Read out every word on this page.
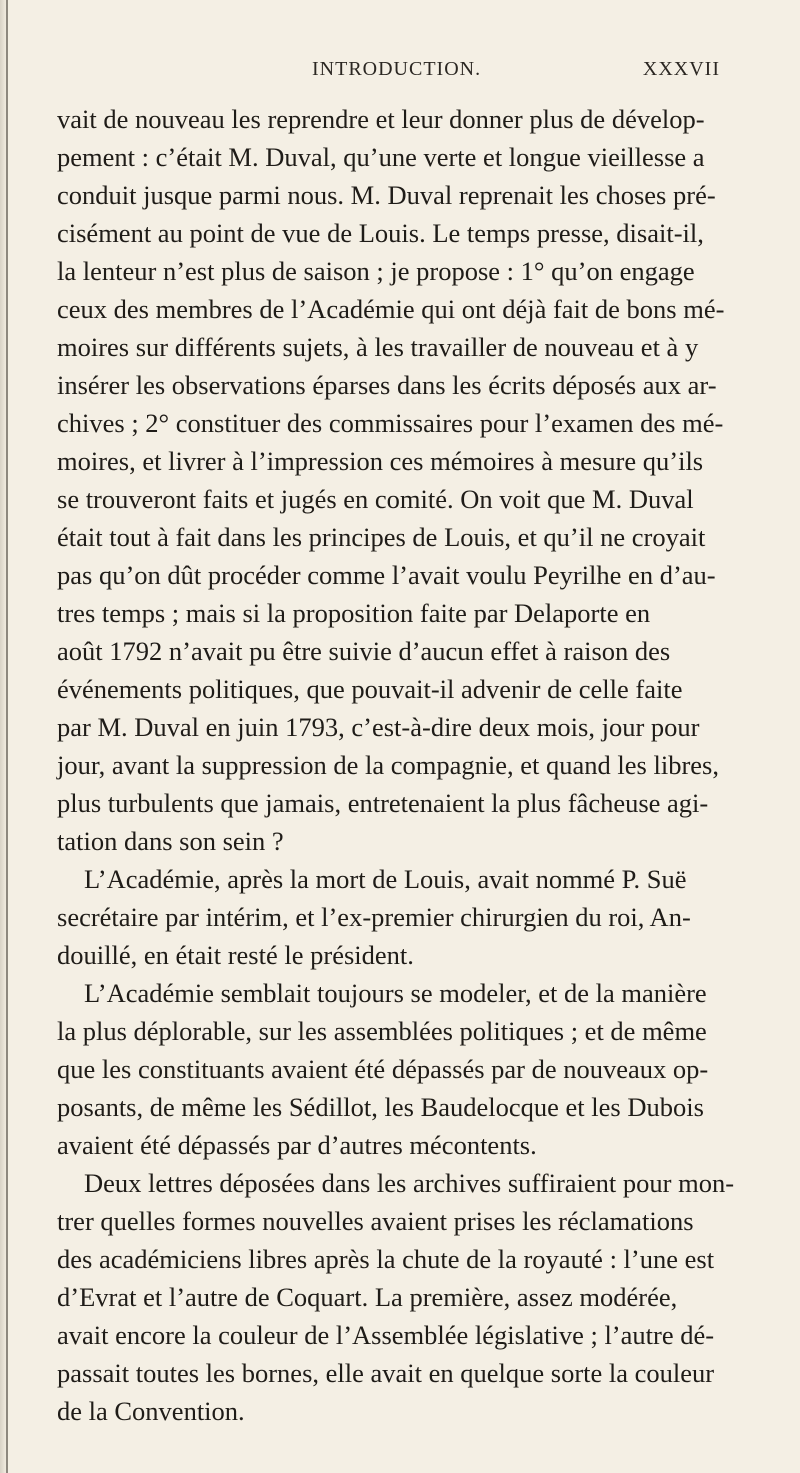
INTRODUCTION.	XXXVII
vait de nouveau les reprendre et leur donner plus de dévelop-
pement : c’était M. Duval, qu’une verte et longue vieillesse a
conduit jusque parmi nous. M. Duval reprenait les choses pré-
cisément au point de vue de Louis. Le temps presse, disait-il,
la lenteur n’est plus de saison ; je propose : 1° qu’on engage
ceux des membres de l’Académie qui ont déjà fait de bons mé-
moires sur différents sujets, à les travailler de nouveau et à y
insérer les observations éparses dans les écrits déposés aux ar-
chives ; 2° constituer des commissaires pour l’examen des mé-
moires, et livrer à l’impression ces mémoires à mesure qu’ils
se trouveront faits et jugés en comité. On voit que M. Duval
était tout à fait dans les principes de Louis, et qu’il ne croyait
pas qu’on dût procéder comme l’avait voulu Peyrilhe en d’au-
tres temps ; mais si la proposition faite par Delaporte en
août 1792 n’avait pu être suivie d’aucun effet à raison des
événements politiques, que pouvait-il advenir de celle faite
par M. Duval en juin 1793, c’est-à-dire deux mois, jour pour
jour, avant la suppression de la compagnie, et quand les libres,
plus turbulents que jamais, entretenaient la plus fâcheuse agi-
tation dans son sein ?
L’Académie, après la mort de Louis, avait nommé P. Suë
secrétaire par intérim, et l’ex-premier chirurgien du roi, An-
douillé, en était resté le président.
L’Académie semblait toujours se modeler, et de la manière
la plus déplorable, sur les assemblées politiques ; et de même
que les constituants avaient été dépassés par de nouveaux op-
posants, de même les Sédillot, les Baudelocque et les Dubois
avaient été dépassés par d’autres mécontents.
Deux lettres déposées dans les archives suffiraient pour mon-
trer quelles formes nouvelles avaient prises les réclamations
des académiciens libres après la chute de la royauté : l’une est
d’Evrat et l’autre de Coquart. La première, assez modérée,
avait encore la couleur de l’Assemblée législative ; l’autre dé-
passait toutes les bornes, elle avait en quelque sorte la couleur
de la Convention.
